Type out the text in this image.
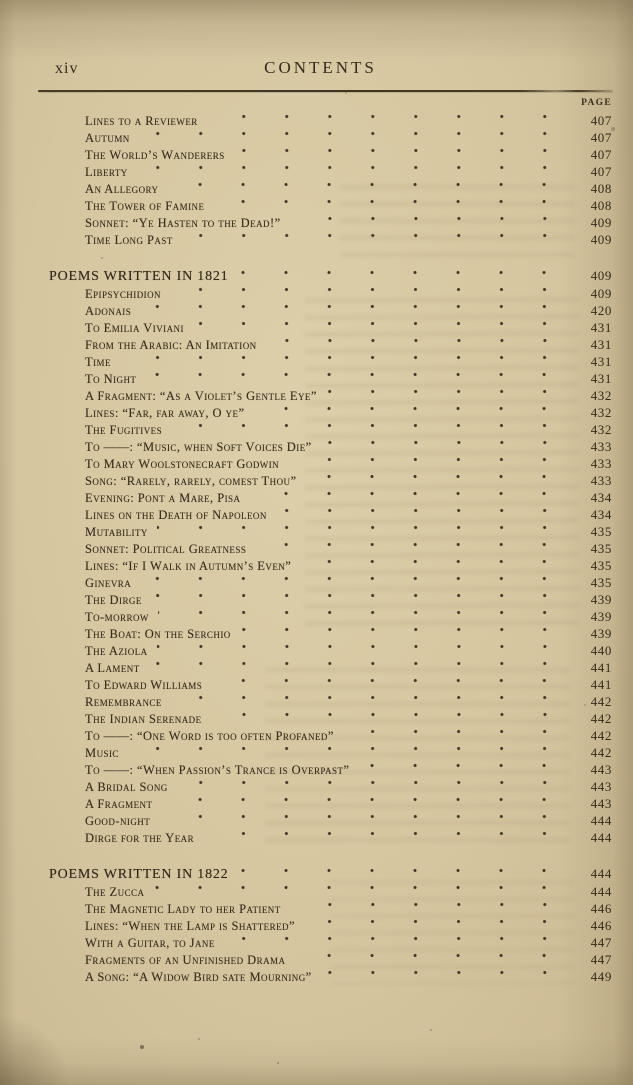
xiv	CONTENTS
PAGE
Lines to a Reviewer	407
Autumn	407
The World’s Wanderers	407
Liberty	407
An Allegory	408
The Tower of Famine	408
Sonnet: “Ye Hasten to the Dead!”	409
Time Long Past	409
POEMS WRITTEN IN 1821	409
Epipsychidion	409
Adonais	420
To Emilia Viviani	431
From the Arabic: An Imitation	431
Time	431
To Night	431
A Fragment: “As a Violet’s Gentle Eye”	432
Lines: “Far, far away, O ye”	432
The Fugitives	432
To ——: “Music, when Soft Voices Die”	433
To Mary Woolstonecraft Godwin	433
Song: “Rarely, rarely, comest Thou”	433
Evening: Pont a Mare, Pisa	434
Lines on the Death of Napoleon	434
Mutability	435
Sonnet: Political Greatness	435
Lines: “If I Walk in Autumn’s Even”	435
Ginevra	435
The Dirge	439
To-morrow	439
The Boat: On the Serchio	439
The Aziola	440
A Lament	441
To Edward Williams	441
Remembrance	442
The Indian Serenade	442
To ——: “One Word is too often Profaned”	442
Music	442
To ——: “When Passion’s Trance is Overpast”	443
A Bridal Song	443
A Fragment	443
Good-night	444
Dirge for the Year	444
POEMS WRITTEN IN 1822	444
The Zucca	444
The Magnetic Lady to her Patient	446
Lines: “When the Lamp is Shattered”	446
With a Guitar, to Jane	447
Fragments of an Unfinished Drama	447
A Song: “A Widow Bird sate Mourning”	449
